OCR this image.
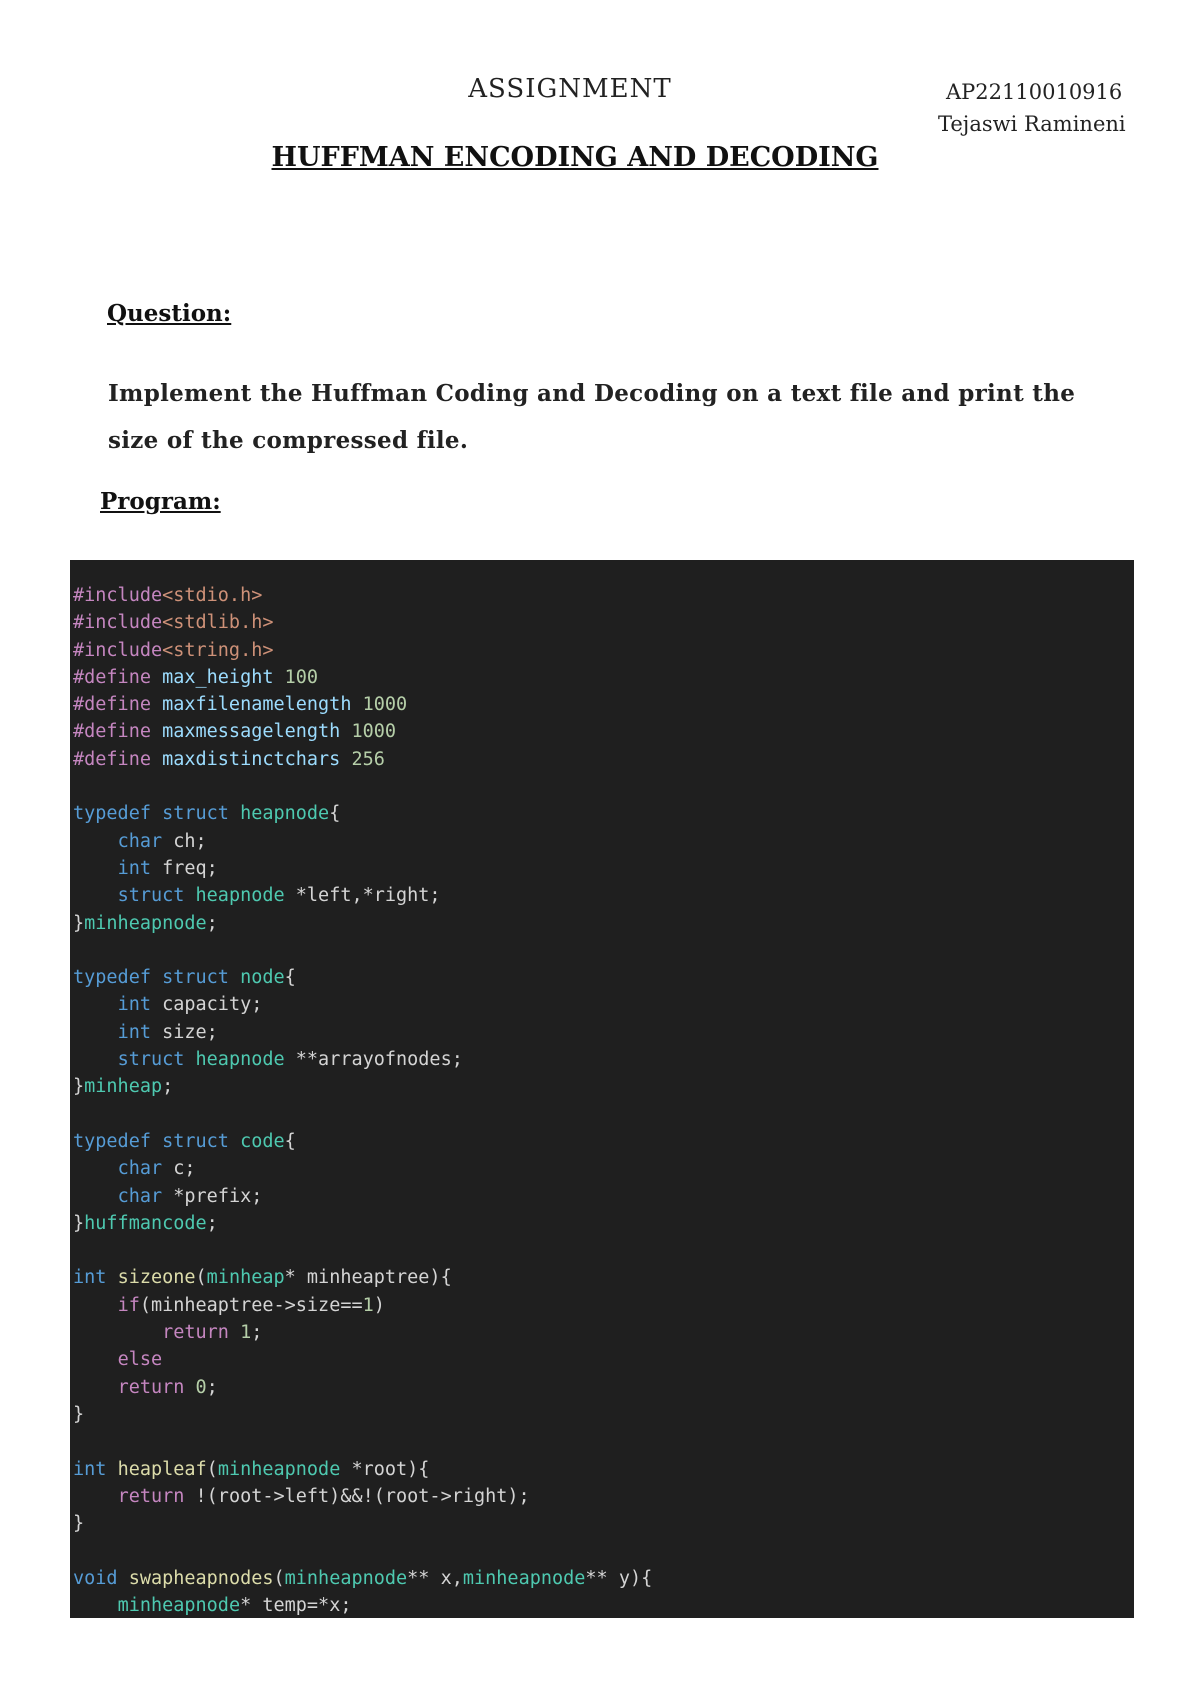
ASSIGNMENT	AP22110010916
Tejaswi Ramineni
HUFFMAN ENCODING AND DECODING
Question:
Implement the Huffman Coding and Decoding on a text file and print the size of the compressed file.
Program:
#include<stdio.h>
#include<stdlib.h>
#include<string.h>
#define max_height 100
#define maxfilenamelength 1000
#define maxmessagelength 1000
#define maxdistinctchars 256

typedef struct heapnode{
char ch;
int freq;
struct heapnode *left,*right;
}minheapnode;

typedef struct node{
int capacity;
int size;
struct heapnode **arrayofnodes;
}minheap;

typedef struct code{
char c;
char *prefix;
}huffmancode;

int sizeone(minheap* minheaptree){
if(minheaptree->size==1)
return 1;
else
return 0;
}

int heapleaf(minheapnode *root){
return !(root->left)&&!(root->right);
}

void swapheapnodes(minheapnode** x,minheapnode** y){
minheapnode* temp=*x;
